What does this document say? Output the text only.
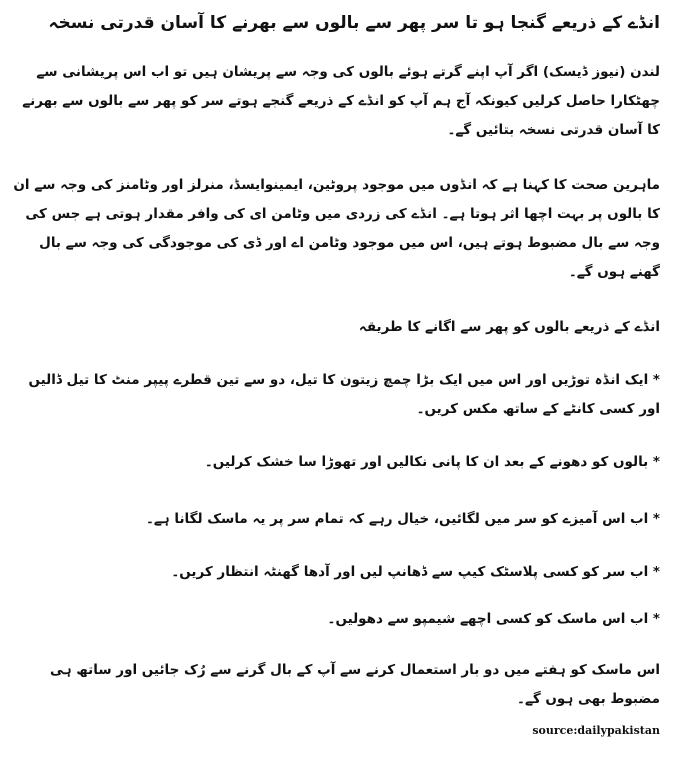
انڈے کے ذریعے گنجا ہو تا سر پھر سے بالوں سے بھرنے کا آسان قدرتی نسخہ

لندن (نیوز ڈیسک) اگر آپ اپنے گرتے ہوئے بالوں کی وجہ سے پریشان ہیں تو اب اس پریشانی سے چھٹکارا حاصل کرلیں کیونکہ آج ہم آپ کو انڈے کے ذریعے گنجے ہوتے سر کو پھر سے بالوں سے بھرنے کا آسان قدرتی نسخہ بتائیں گے۔

ماہرین صحت کا کہنا ہے کہ انڈوں میں موجود پروٹین، ایمینوایسڈ، منرلز اور وٹامنز کی وجہ سے ان کا بالوں پر بہت اچھا اثر ہوتا ہے۔ انڈے کی زردی میں وٹامن ای کی وافر مقدار ہوتی ہے جس کی وجہ سے بال مضبوط ہوتے ہیں، اس میں موجود وٹامن اے اور ڈی کی موجودگی کی وجہ سے بال گھنے ہوں گے۔

انڈے کے ذریعے بالوں کو پھر سے اگانے کا طریقہ

* ایک انڈہ توڑیں اور اس میں ایک بڑا چمچ زیتون کا تیل، دو سے تین قطرے پیپر منٹ کا تیل ڈالیں اور کسی کانٹے کے ساتھ مکس کریں۔

* بالوں کو دھونے کے بعد ان کا پانی نکالیں اور تھوڑا سا خشک کرلیں۔

* اب اس آمیزے کو سر میں لگائیں، خیال رہے کہ تمام سر پر یہ ماسک لگانا ہے۔

* اب سر کو کسی پلاسٹک کیپ سے ڈھانپ لیں اور آدھا گھنٹہ انتظار کریں۔

* اب اس ماسک کو کسی اچھے شیمپو سے دھولیں۔

اس ماسک کو ہفتے میں دو بار استعمال کرنے سے آپ کے بال گرنے سے رُک جائیں اور ساتھ ہی مضبوط بھی ہوں گے۔

source:dailypakistan
